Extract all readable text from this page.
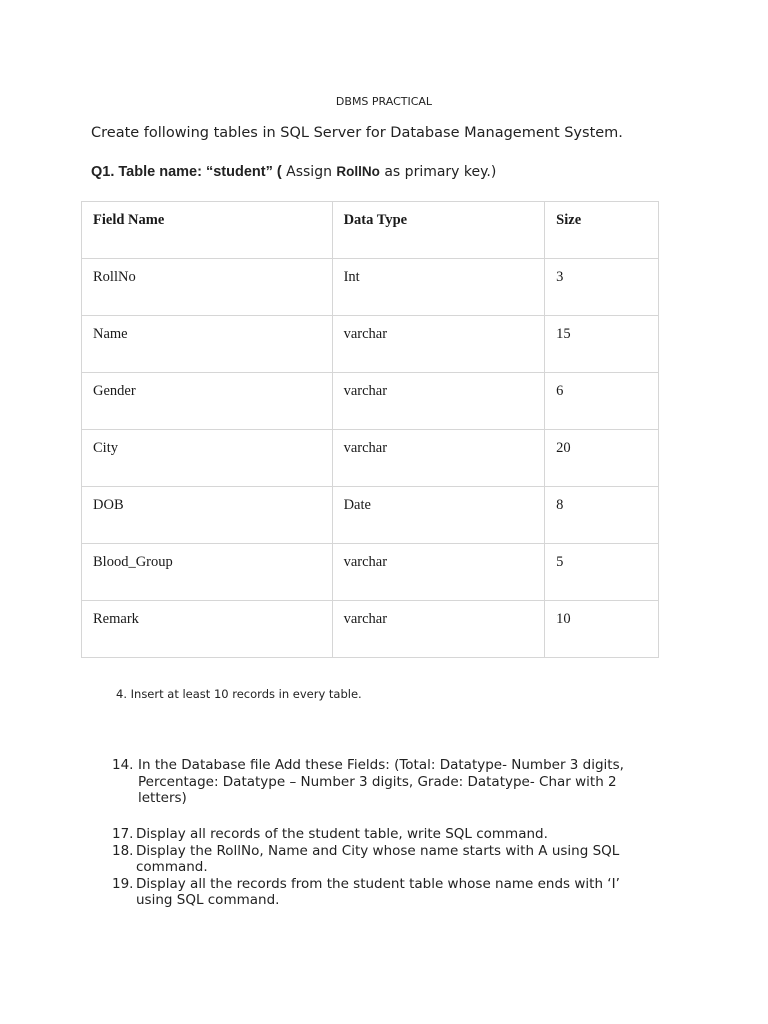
DBMS PRACTICAL
Create following tables in SQL Server for Database Management System.
Q1. Table name: “student” ( Assign RollNo as primary key.)
Field Name	Data Type	Size
RollNo	Int	3
Name	varchar	15
Gender	varchar	6
City	varchar	20
DOB	Date	8
Blood_Group	varchar	5
Remark	varchar	10
4. Insert at least 10 records in every table.
14. In the Database file Add these Fields: (Total: Datatype- Number 3 digits, Percentage: Datatype – Number 3 digits, Grade: Datatype- Char with 2 letters)
17. Display all records of the student table, write SQL command.
18. Display the RollNo, Name and City whose name starts with A using SQL command.
19. Display all the records from the student table whose name ends with ‘I’ using SQL command.
